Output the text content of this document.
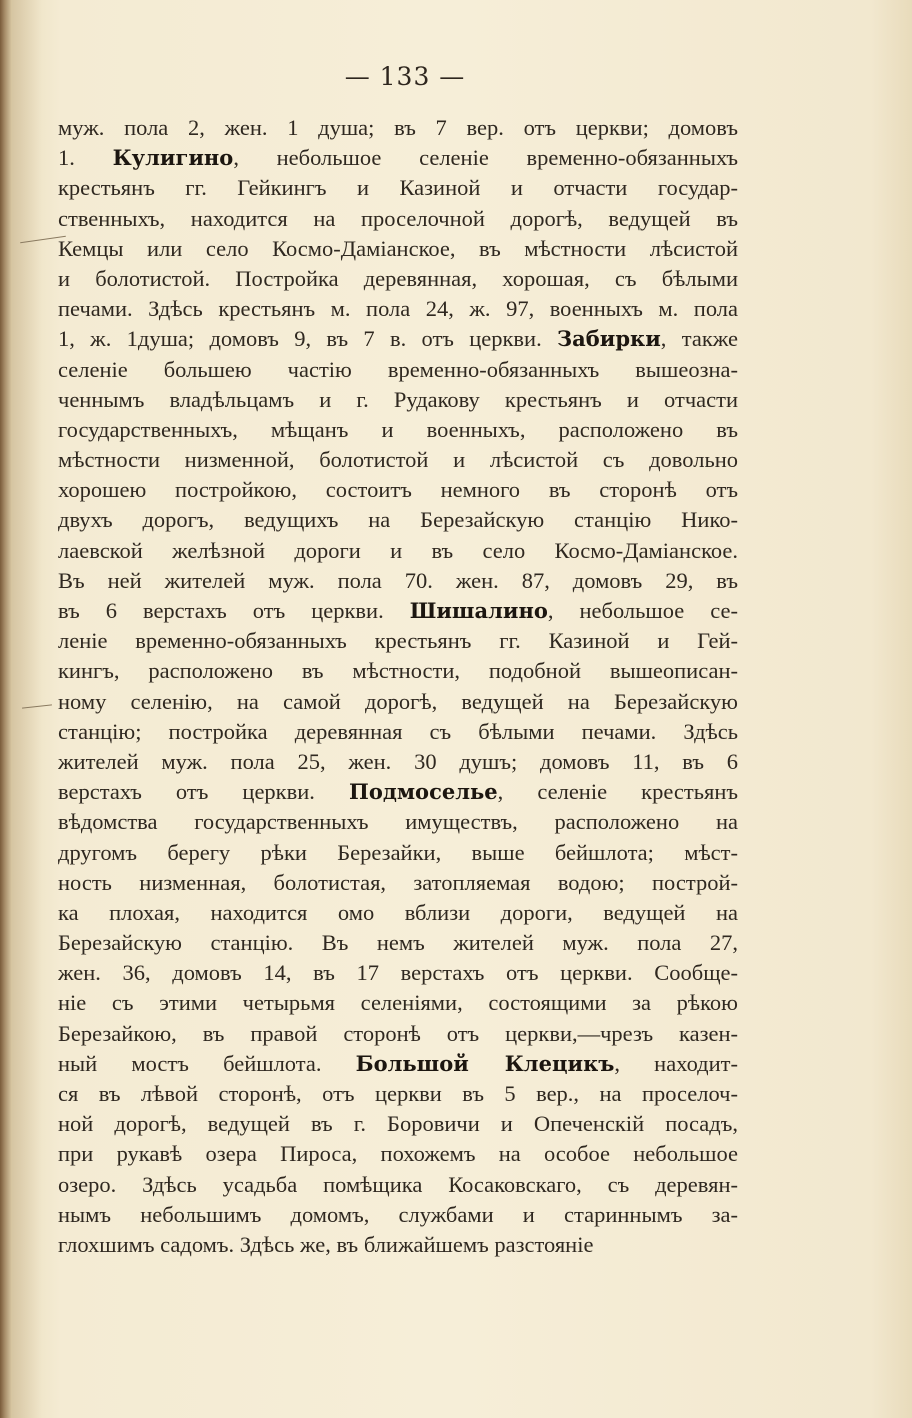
— 133 —
муж. пола 2, жен. 1 душа; въ 7 вер. отъ церкви; домовъ
1. Кулигино, небольшое селеніе временно-обязанныхъ
крестьянъ гг. Гейкингъ и Казиной и отчасти государ-
ственныхъ, находится на проселочной дорогѣ, ведущей въ
Кемцы или село Космо-Даміанское, въ мѣстности лѣсистой
и болотистой. Постройка деревянная, хорошая, съ бѣлыми
печами. Здѣсь крестьянъ м. пола 24, ж. 97, военныхъ м. пола
1, ж. 1душа; домовъ 9, въ 7 в. отъ церкви. Забирки, также
селеніе большею частію временно-обязанныхъ вышеозна-
ченнымъ владѣльцамъ и г. Рудакову крестьянъ и отчасти
государственныхъ, мѣщанъ и военныхъ, расположено въ
мѣстности низменной, болотистой и лѣсистой съ довольно
хорошею постройкою, состоитъ немного въ сторонѣ отъ
двухъ дорогъ, ведущихъ на Березайскую станцію Нико-
лаевской желѣзной дороги и въ село Космо-Даміанское.
Въ ней жителей муж. пола 70. жен. 87, домовъ 29, въ
въ 6 верстахъ отъ церкви. Шишалино, небольшое се-
леніе временно-обязанныхъ крестьянъ гг. Казиной и Гей-
кингъ, расположено въ мѣстности, подобной вышеописан-
ному селенію, на самой дорогѣ, ведущей на Березайскую
станцію; постройка деревянная съ бѣлыми печами. Здѣсь
жителей муж. пола 25, жен. 30 душъ; домовъ 11, въ 6
верстахъ отъ церкви. Подмоселье, селеніе крестьянъ
вѣдомства государственныхъ имуществъ, расположено на
другомъ берегу рѣки Березайки, выше бейшлота; мѣст-
ность низменная, болотистая, затопляемая водою; построй-
ка плохая, находится омо вблизи дороги, ведущей на
Березайскую станцію. Въ немъ жителей муж. пола 27,
жен. 36, домовъ 14, въ 17 верстахъ отъ церкви. Сообще-
ніе съ этими четырьмя селеніями, состоящими за рѣкою
Березайкою, въ правой сторонѣ отъ церкви,—чрезъ казен-
ный мостъ бейшлота. Большой Клецикъ, находит-
ся въ лѣвой сторонѣ, отъ церкви въ 5 вер., на проселоч-
ной дорогѣ, ведущей въ г. Боровичи и Опеченскій посадъ,
при рукавѣ озера Пироса, похожемъ на особое небольшое
озеро. Здѣсь усадьба помѣщика Косаковскаго, съ деревян-
нымъ небольшимъ домомъ, службами и стариннымъ за-
глохшимъ садомъ. Здѣсь же, въ ближайшемъ разстояніе
